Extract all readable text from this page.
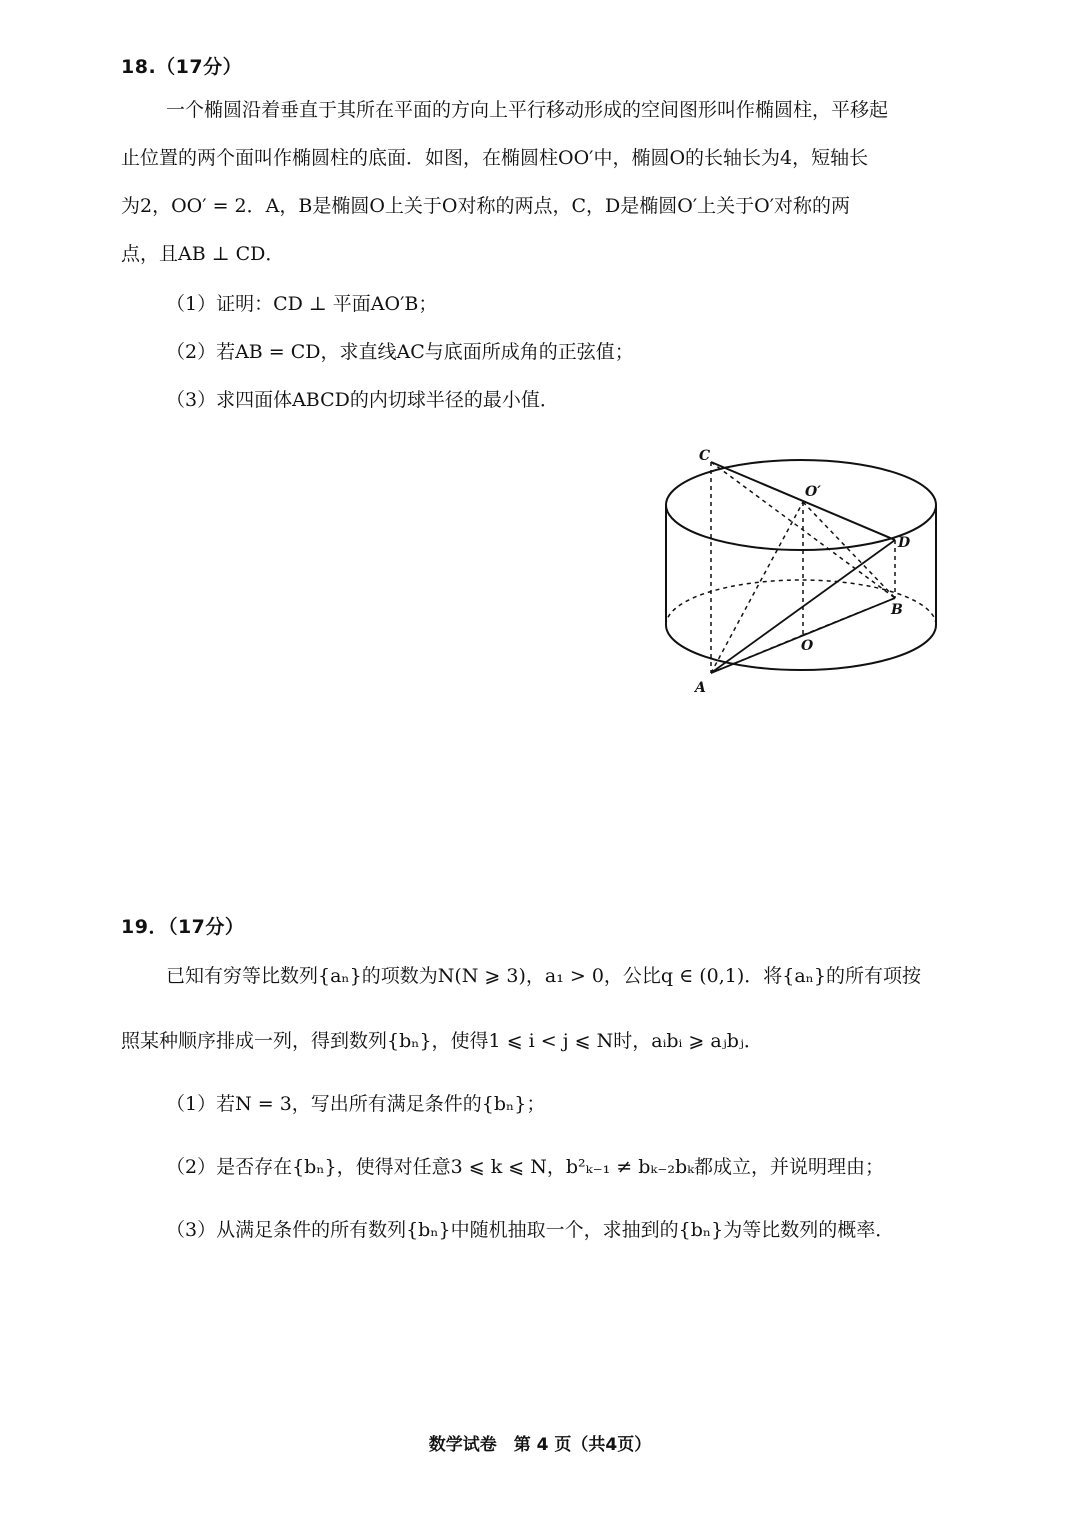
18.（17分）
一个椭圆沿着垂直于其所在平面的方向上平行移动形成的空间图形叫作椭圆柱，平移起
止位置的两个面叫作椭圆柱的底面．如图，在椭圆柱OO′中，椭圆O的长轴长为4，短轴长
为2，OO′ = 2．A，B是椭圆O上关于O对称的两点，C，D是椭圆O′上关于O′对称的两
点，且AB ⊥ CD．
（1）证明：CD ⊥ 平面AO′B；
（2）若AB = CD，求直线AC与底面所成角的正弦值；
（3）求四面体ABCD的内切球半径的最小值．
C
O′
D
B
O
A
19．（17分）
已知有穷等比数列{aₙ}的项数为N(N ⩾ 3)，a₁ > 0，公比q ∈ (0,1)．将{aₙ}的所有项按
照某种顺序排成一列，得到数列{bₙ}，使得1 ⩽ i < j ⩽ N时，aᵢbᵢ ⩾ aⱼbⱼ．
（1）若N = 3，写出所有满足条件的{bₙ}；
（2）是否存在{bₙ}，使得对任意3 ⩽ k ⩽ N，b²ₖ₋₁ ≠ bₖ₋₂bₖ都成立，并说明理由；
（3）从满足条件的所有数列{bₙ}中随机抽取一个，求抽到的{bₙ}为等比数列的概率．
数学试卷　第 4 页（共4页）
